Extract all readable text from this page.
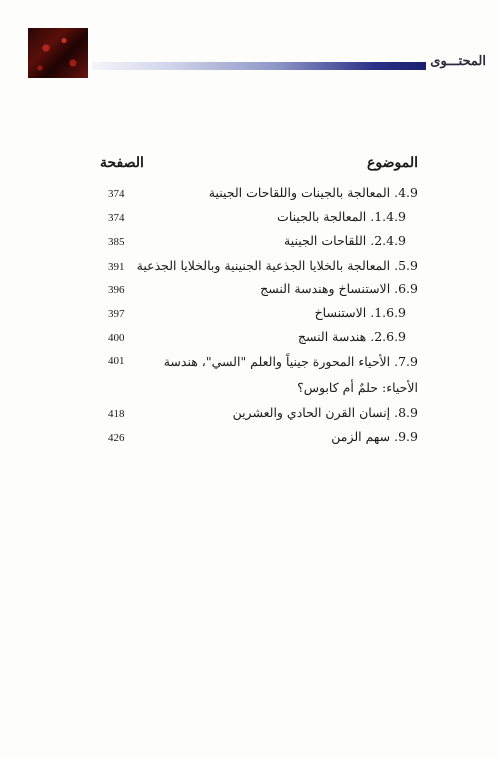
المحتـــوى
الموضوع
الصفحة
4.9. المعالجة بالجينات واللقاحات الجينية
374
1.4.9. المعالجة بالجينات
374
2.4.9. اللقاحات الجينية
385
5.9. المعالجة بالخلايا الجذعية الجنينية وبالخلايا الجذعية
391
6.9. الاستنساخ وهندسة النسج
396
1.6.9. الاستنساخ
397
2.6.9. هندسة النسج
400
7.9. الأحياء المحورة جينياً والعلم "السي"، هندسة الأحياء: حلمٌ أم كابوس؟
401
8.9. إنسان القرن الحادي والعشرين
418
9.9. سهم الزمن
426
